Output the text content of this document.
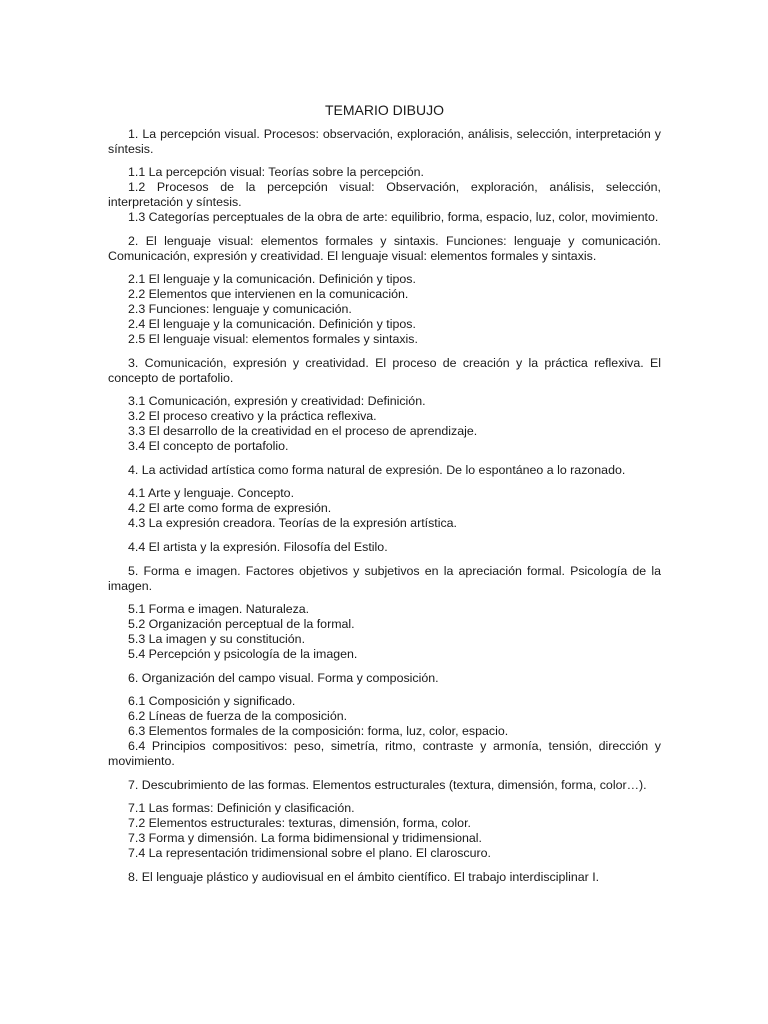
TEMARIO DIBUJO

1. La percepción visual. Procesos: observación, exploración, análisis, selección, interpretación y síntesis.

1.1 La percepción visual: Teorías sobre la percepción.

1.2 Procesos de la percepción visual: Observación, exploración, análisis, selección, interpretación y síntesis.

1.3 Categorías perceptuales de la obra de arte: equilibrio, forma, espacio, luz, color, movimiento.

2. El lenguaje visual: elementos formales y sintaxis. Funciones: lenguaje y comunicación. Comunicación, expresión y creatividad. El lenguaje visual: elementos formales y sintaxis.

2.1 El lenguaje y la comunicación. Definición y tipos.

2.2 Elementos que intervienen en la comunicación.

2.3 Funciones: lenguaje y comunicación.

2.4 El lenguaje y la comunicación. Definición y tipos.

2.5 El lenguaje visual: elementos formales y sintaxis.

3. Comunicación, expresión y creatividad. El proceso de creación y la práctica reflexiva. El concepto de portafolio.

3.1 Comunicación, expresión y creatividad: Definición.

3.2 El proceso creativo y la práctica reflexiva.

3.3 El desarrollo de la creatividad en el proceso de aprendizaje.

3.4 El concepto de portafolio.

4. La actividad artística como forma natural de expresión. De lo espontáneo a lo razonado.

4.1 Arte y lenguaje. Concepto.

4.2 El arte como forma de expresión.

4.3 La expresión creadora. Teorías de la expresión artística.

4.4 El artista y la expresión. Filosofía del Estilo.

5. Forma e imagen. Factores objetivos y subjetivos en la apreciación formal. Psicología de la imagen.

5.1 Forma e imagen. Naturaleza.

5.2 Organización perceptual de la formal.

5.3 La imagen y su constitución.

5.4 Percepción y psicología de la imagen.

6. Organización del campo visual. Forma y composición.

6.1 Composición y significado.

6.2 Líneas de fuerza de la composición.

6.3 Elementos formales de la composición: forma, luz, color, espacio.

6.4 Principios compositivos: peso, simetría, ritmo, contraste y armonía, tensión, dirección y movimiento.

7. Descubrimiento de las formas. Elementos estructurales (textura, dimensión, forma, color…).

7.1 Las formas: Definición y clasificación.

7.2 Elementos estructurales: texturas, dimensión, forma, color.

7.3 Forma y dimensión. La forma bidimensional y tridimensional.

7.4 La representación tridimensional sobre el plano. El claroscuro.

8. El lenguaje plástico y audiovisual en el ámbito científico. El trabajo interdisciplinar I.
